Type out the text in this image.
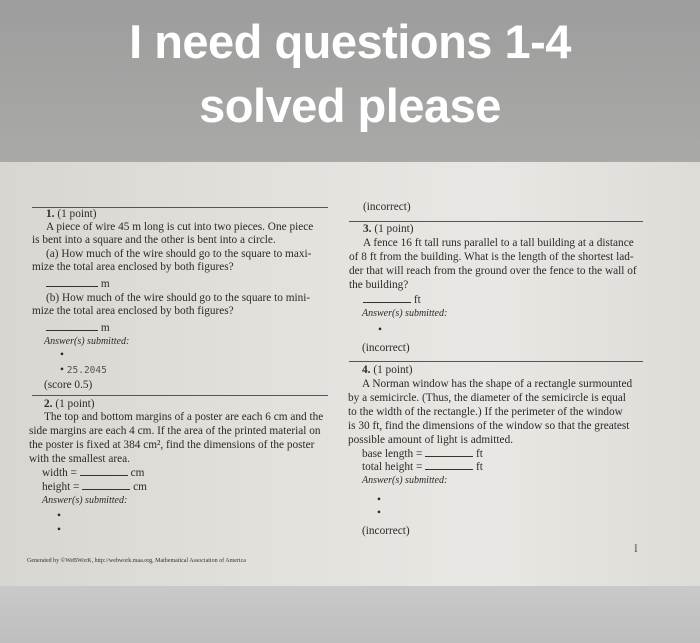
I need questions 1-4
solved please
1. (1 point)
A piece of wire 45 m long is cut into two pieces. One piece
is bent into a square and the other is bent into a circle.
(a) How much of the wire should go to the square to maxi-
mize the total area enclosed by both figures?
m
(b) How much of the wire should go to the square to mini-
mize the total area enclosed by both figures?
m
Answer(s) submitted:
•
• 25.2045
(score 0.5)
2. (1 point)
The top and bottom margins of a poster are each 6 cm and the
side margins are each 4 cm. If the area of the printed material on
the poster is fixed at 384 cm², find the dimensions of the poster
with the smallest area.
width =	cm
height =	cm
Answer(s) submitted:
•
•
Generated by ©WeBWorK, http://webwork.maa.org, Mathematical Association of America
(incorrect)
3. (1 point)
A fence 16 ft tall runs parallel to a tall building at a distance
of 8 ft from the building. What is the length of the shortest lad-
der that will reach from the ground over the fence to the wall of
the building?
ft
Answer(s) submitted:
•
(incorrect)
4. (1 point)
A Norman window has the shape of a rectangle surmounted
by a semicircle. (Thus, the diameter of the semicircle is equal
to the width of the rectangle.) If the perimeter of the window
is 30 ft, find the dimensions of the window so that the greatest
possible amount of light is admitted.
base length =	ft
total height =	ft
Answer(s) submitted:
•
•
(incorrect)
I
